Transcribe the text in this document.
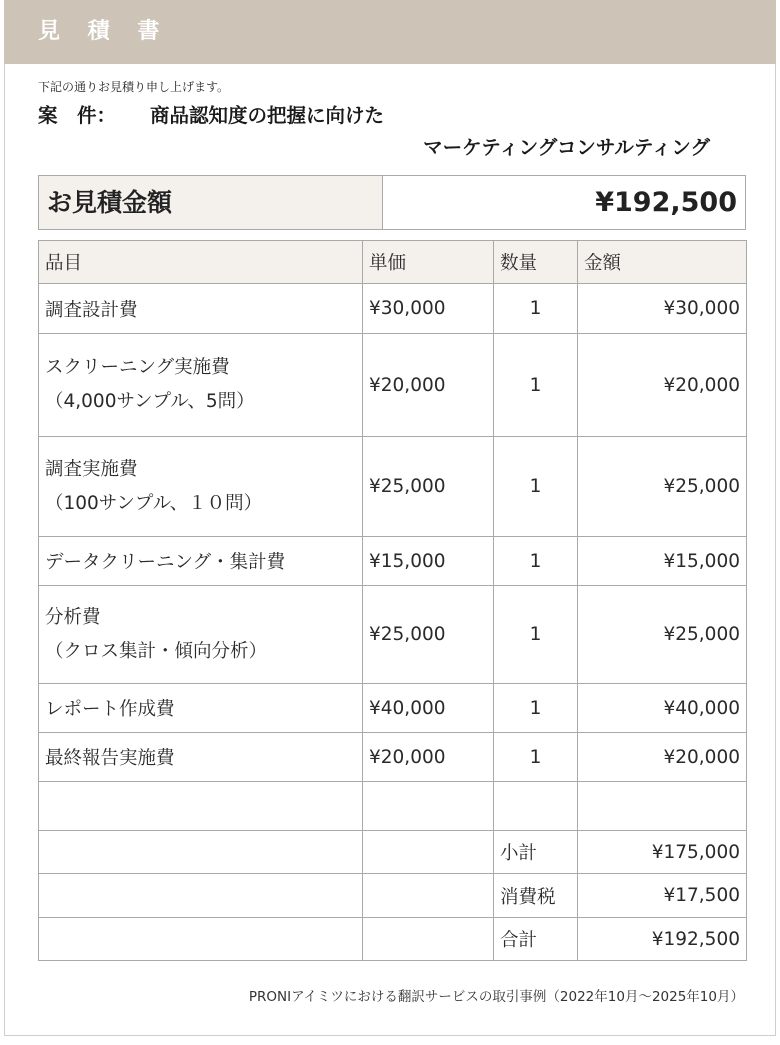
見 積 書
下記の通りお見積り申し上げます。
案　件： 商品認知度の把握に向けた
マーケティングコンサルティング
お見積金額	¥192,500
品目	単価	数量	金額
調査設計費	¥30,000	1	¥30,000

スクリーニング実施費
（4,000サンプル、5問）	¥20,000	1	¥20,000

調査実施費
（100サンプル、１０問）	¥25,000	1	¥25,000
データクリーニング・集計費	¥15,000	1	¥15,000

分析費
（クロス集計・傾向分析）	¥25,000	1	¥25,000
レポート作成費	¥40,000	1	¥40,000
最終報告実施費	¥20,000	1	¥20,000

		小計	¥175,000
		消費税	¥17,500
		合計	¥192,500
PRONIアイミツにおける翻訳サービスの取引事例（2022年10月〜2025年10月）
